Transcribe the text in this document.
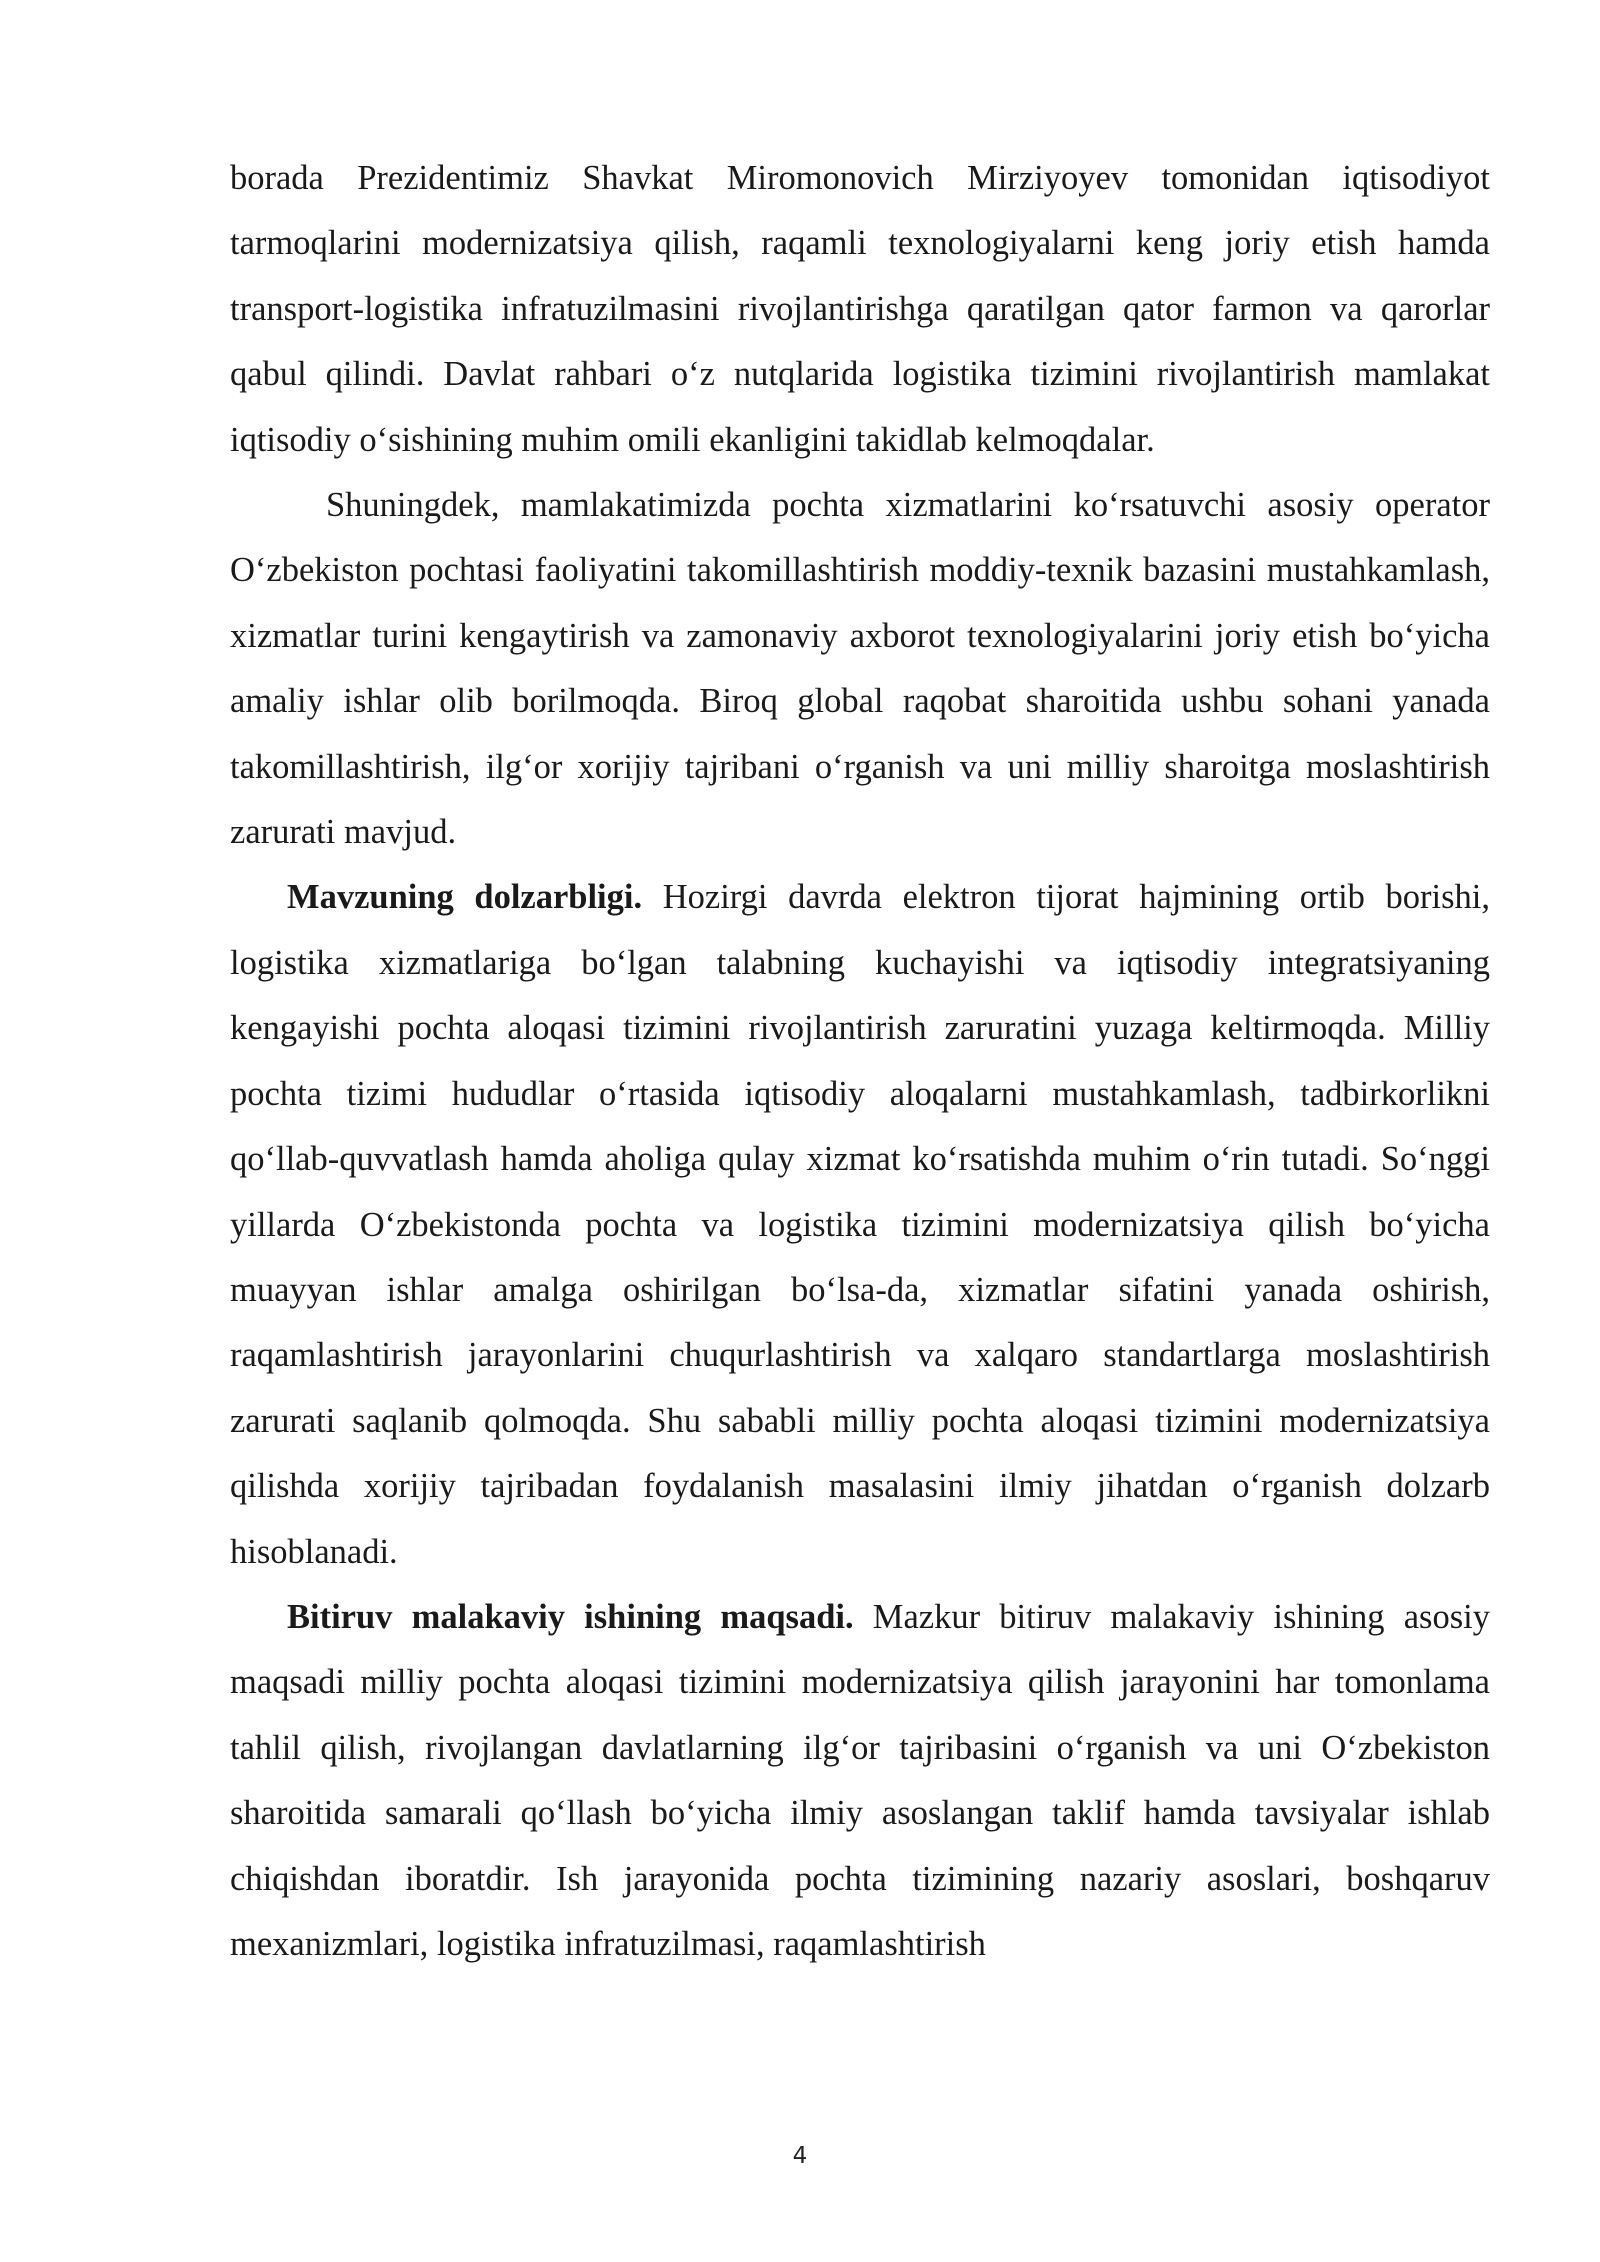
borada Prezidentimiz Shavkat Miromonovich Mirziyoyev tomonidan iqtisodiyot tarmoqlarini modernizatsiya qilish, raqamli texnologiyalarni keng joriy etish hamda transport-logistika infratuzilmasini rivojlantirishga qaratilgan qator farmon va qarorlar qabul qilindi. Davlat rahbari o‘z nutqlarida logistika tizimini rivojlantirish mamlakat iqtisodiy o‘sishining muhim omili ekanligini takidlab kelmoqdalar.

Shuningdek, mamlakatimizda pochta xizmatlarini ko‘rsatuvchi asosiy operator O‘zbekiston pochtasi faoliyatini takomillashtirish moddiy-texnik bazasini mustahkamlash, xizmatlar turini kengaytirish va zamonaviy axborot texnologiyalarini joriy etish bo‘yicha amaliy ishlar olib borilmoqda. Biroq global raqobat sharoitida ushbu sohani yanada takomillashtirish, ilg‘or xorijiy tajribani o‘rganish va uni milliy sharoitga moslashtirish zarurati mavjud.

Mavzuning dolzarbligi. Hozirgi davrda elektron tijorat hajmining ortib borishi, logistika xizmatlariga bo‘lgan talabning kuchayishi va iqtisodiy integratsiyaning kengayishi pochta aloqasi tizimini rivojlantirish zaruratini yuzaga keltirmoqda. Milliy pochta tizimi hududlar o‘rtasida iqtisodiy aloqalarni mustahkamlash, tadbirkorlikni qo‘llab-quvvatlash hamda aholiga qulay xizmat ko‘rsatishda muhim o‘rin tutadi. So‘nggi yillarda O‘zbekistonda pochta va logistika tizimini modernizatsiya qilish bo‘yicha muayyan ishlar amalga oshirilgan bo‘lsa-da, xizmatlar sifatini yanada oshirish, raqamlashtirish jarayonlarini chuqurlashtirish va xalqaro standartlarga moslashtirish zarurati saqlanib qolmoqda. Shu sababli milliy pochta aloqasi tizimini modernizatsiya qilishda xorijiy tajribadan foydalanish masalasini ilmiy jihatdan o‘rganish dolzarb hisoblanadi.

Bitiruv malakaviy ishining maqsadi. Mazkur bitiruv malakaviy ishining asosiy maqsadi milliy pochta aloqasi tizimini modernizatsiya qilish jarayonini har tomonlama tahlil qilish, rivojlangan davlatlarning ilg‘or tajribasini o‘rganish va uni O‘zbekiston sharoitida samarali qo‘llash bo‘yicha ilmiy asoslangan taklif hamda tavsiyalar ishlab chiqishdan iboratdir. Ish jarayonida pochta tizimining nazariy asoslari, boshqaruv mexanizmlari, logistika infratuzilmasi, raqamlashtirish

4
